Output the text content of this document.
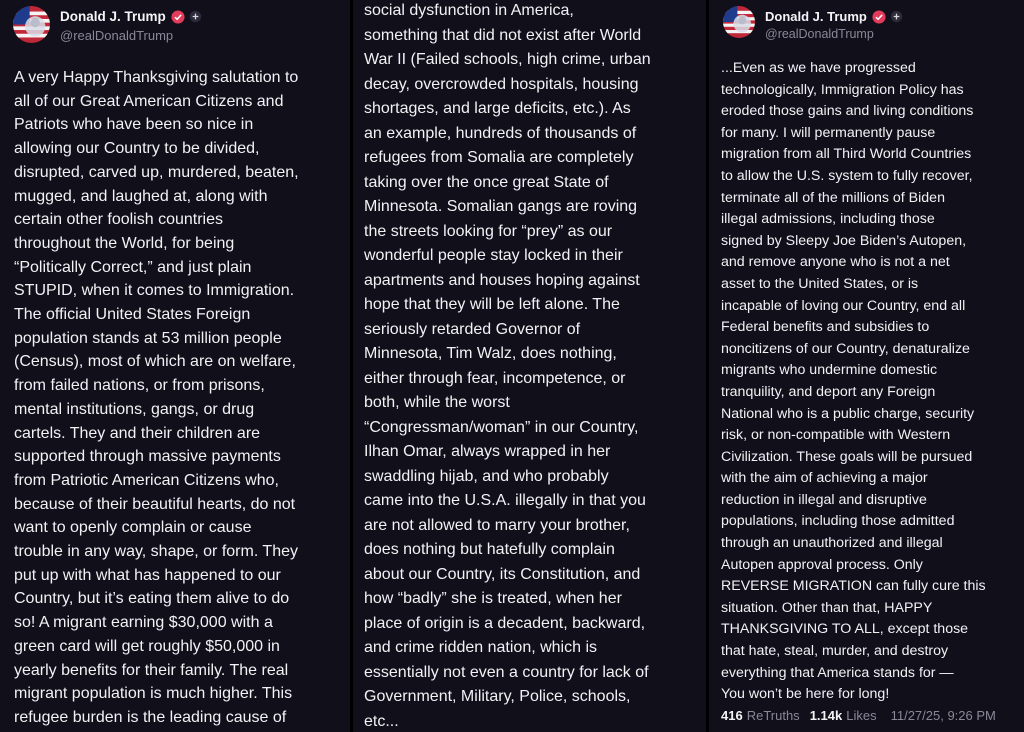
Donald J. Trump
@realDonaldTrump
A very Happy Thanksgiving salutation to
all of our Great American Citizens and
Patriots who have been so nice in
allowing our Country to be divided,
disrupted, carved up, murdered, beaten,
mugged, and laughed at, along with
certain other foolish countries
throughout the World, for being
“Politically Correct,” and just plain
STUPID, when it comes to Immigration.
The official United States Foreign
population stands at 53 million people
(Census), most of which are on welfare,
from failed nations, or from prisons,
mental institutions, gangs, or drug
cartels. They and their children are
supported through massive payments
from Patriotic American Citizens who,
because of their beautiful hearts, do not
want to openly complain or cause
trouble in any way, shape, or form. They
put up with what has happened to our
Country, but it’s eating them alive to do
so! A migrant earning $30,000 with a
green card will get roughly $50,000 in
yearly benefits for their family. The real
migrant population is much higher. This
refugee burden is the leading cause of
social dysfunction in America,
something that did not exist after World
War II (Failed schools, high crime, urban
decay, overcrowded hospitals, housing
shortages, and large deficits, etc.). As
an example, hundreds of thousands of
refugees from Somalia are completely
taking over the once great State of
Minnesota. Somalian gangs are roving
the streets looking for “prey” as our
wonderful people stay locked in their
apartments and houses hoping against
hope that they will be left alone. The
seriously retarded Governor of
Minnesota, Tim Walz, does nothing,
either through fear, incompetence, or
both, while the worst
“Congressman/woman” in our Country,
Ilhan Omar, always wrapped in her
swaddling hijab, and who probably
came into the U.S.A. illegally in that you
are not allowed to marry your brother,
does nothing but hatefully complain
about our Country, its Constitution, and
how “badly” she is treated, when her
place of origin is a decadent, backward,
and crime ridden nation, which is
essentially not even a country for lack of
Government, Military, Police, schools,
etc...
Donald J. Trump
@realDonaldTrump
...Even as we have progressed
technologically, Immigration Policy has
eroded those gains and living conditions
for many. I will permanently pause
migration from all Third World Countries
to allow the U.S. system to fully recover,
terminate all of the millions of Biden
illegal admissions, including those
signed by Sleepy Joe Biden’s Autopen,
and remove anyone who is not a net
asset to the United States, or is
incapable of loving our Country, end all
Federal benefits and subsidies to
noncitizens of our Country, denaturalize
migrants who undermine domestic
tranquility, and deport any Foreign
National who is a public charge, security
risk, or non-compatible with Western
Civilization. These goals will be pursued
with the aim of achieving a major
reduction in illegal and disruptive
populations, including those admitted
through an unauthorized and illegal
Autopen approval process. Only
REVERSE MIGRATION can fully cure this
situation. Other than that, HAPPY
THANKSGIVING TO ALL, except those
that hate, steal, murder, and destroy
everything that America stands for —
You won’t be here for long!
416 ReTruths 1.14k Likes 11/27/25, 9:26 PM
